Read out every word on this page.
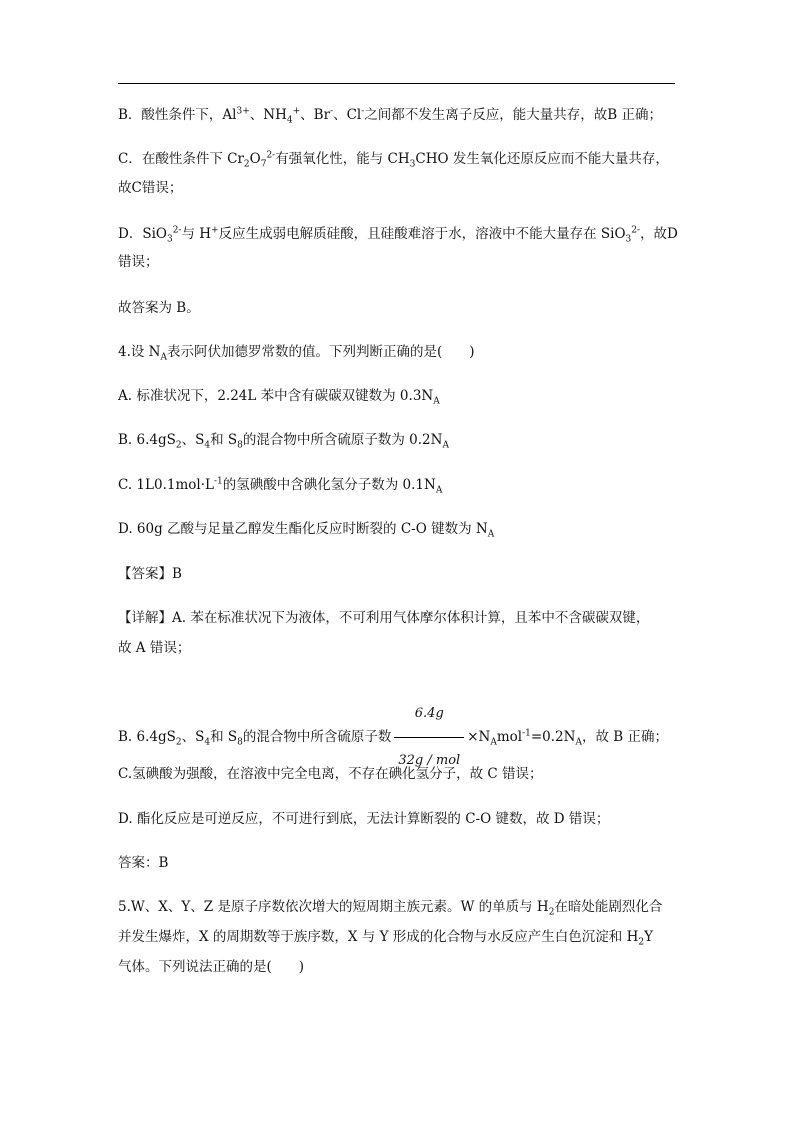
B．酸性条件下，$Al^{3+}$、$NH_4^+$、Br-、Cl-之间都不发生离子反应，能大量共存，故B 正确；
C．在酸性条件下 $Cr_2O_7^{2-}$有强氧化性，能与 $CH_3CHO$ 发生氧化还原反应而不能大量共存，
故C错误；
D．SiO$_3^{2-}$与 H+反应生成弱电解质硅酸，且硅酸难溶于水，溶液中不能大量存在 SiO$_3^{2-}$，故D
错误；
故答案为 B。
4.设 $N_A$表示阿伏加德罗常数的值。下列判断正确的是(　　)
A. 标准状况下，2.24L 苯中含有碳碳双键数为 $0.3N_A$
B. $6.4gS_2$、$S_4$和 $S_8$的混合物中所含硫原子数为 $0.2N_A$
C. $1L0.1mol\cdot L^{-1}$的氢碘酸中含碘化氢分子数为 $0.1N_A$
D. 60g 乙酸与足量乙醇发生酯化反应时断裂的 C-O 键数为 $N_A$
【答案】B
【详解】A. 苯在标准状况下为液体，不可利用气体摩尔体积计算，且苯中不含碳碳双键，
故 A 错误；
B. $6.4gS_2$、$S_4$和 $S_8$的混合物中所含硫原子数 $\frac{6.4g}{\text{32g / mol}} \times N_Amol^{-1}=0.2N_A$，故 B 正确；
C.氢碘酸为强酸，在溶液中完全电离，不存在碘化氢分子，故 C 错误；
D. 酯化反应是可逆反应，不可进行到底，无法计算断裂的 C-O 键数，故 D 错误；
答案：B
5.W、X、Y、Z 是原子序数依次增大的短周期主族元素。W 的单质与 $H_2$在暗处能剧烈化合
并发生爆炸，X 的周期数等于族序数，X 与 Y 形成的化合物与水反应产生白色沉淀和 $H_2Y$
气体。下列说法正确的是(　　)
